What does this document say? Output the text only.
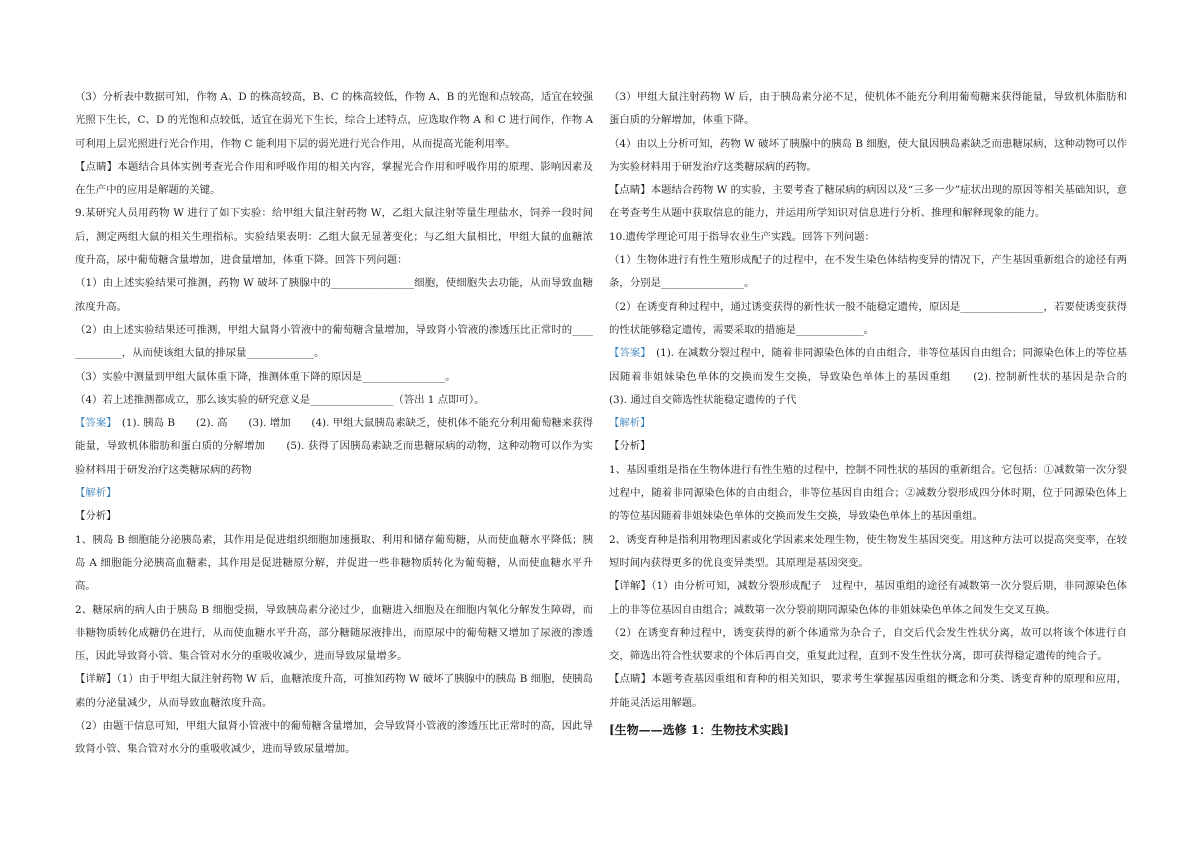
（3）分析表中数据可知，作物 A、D 的株高较高，B、C 的株高较低，作物 A、B 的光饱和点较高，适宜在较强光照下生长，C、D 的光饱和点较低，适宜在弱光下生长，综合上述特点，应选取作物 A 和 C 进行间作，作物 A 可利用上层光照进行光合作用，作物 C 能利用下层的弱光进行光合作用，从而提高光能利用率。

【点睛】本题结合具体实例考查光合作用和呼吸作用的相关内容，掌握光合作用和呼吸作用的原理、影响因素及在生产中的应用是解题的关键。

9.某研究人员用药物 W 进行了如下实验：给甲组大鼠注射药物 W，乙组大鼠注射等量生理盐水，饲养一段时间后，测定两组大鼠的相关生理指标。实验结果表明：乙组大鼠无显著变化；与乙组大鼠相比，甲组大鼠的血糖浓度升高，尿中葡萄糖含量增加，进食量增加，体重下降。回答下列问题：

（1）由上述实验结果可推测，药物 W 破坏了胰腺中的________________细胞，使细胞失去功能，从而导致血糖浓度升高。

（2）由上述实验结果还可推测，甲组大鼠肾小管液中的葡萄糖含量增加，导致肾小管液的渗透压比正常时的_____________，从而使该组大鼠的排尿量_____________。

（3）实验中测量到甲组大鼠体重下降，推测体重下降的原因是________________。

（4）若上述推测都成立，那么该实验的研究意义是________________（答出 1 点即可）。

【答案】　(1). 胰岛 B　　(2). 高　　(3). 增加　　(4). 甲组大鼠胰岛素缺乏，使机体不能充分利用葡萄糖来获得能量，导致机体脂肪和蛋白质的分解增加　　(5). 获得了因胰岛素缺乏而患糖尿病的动物，这种动物可以作为实验材料用于研发治疗这类糖尿病的药物

【解析】

【分析】

1、胰岛 B 细胞能分泌胰岛素，其作用是促进组织细胞加速摄取、利用和储存葡萄糖，从而使血糖水平降低；胰岛 A 细胞能分泌胰高血糖素，其作用是促进糖原分解，并促进一些非糖物质转化为葡萄糖，从而使血糖水平升高。

2、糖尿病的病人由于胰岛 B 细胞受损，导致胰岛素分泌过少，血糖进入细胞及在细胞内氧化分解发生障碍，而非糖物质转化成糖仍在进行，从而使血糖水平升高，部分糖随尿液排出，而原尿中的葡萄糖又增加了尿液的渗透压，因此导致肾小管、集合管对水分的重吸收减少，进而导致尿量增多。

【详解】（1）由于甲组大鼠注射药物 W 后，血糖浓度升高，可推知药物 W 破坏了胰腺中的胰岛 B 细胞，使胰岛素的分泌量减少，从而导致血糖浓度升高。

（2）由题干信息可知，甲组大鼠肾小管液中的葡萄糖含量增加，会导致肾小管液的渗透压比正常时的高，因此导致肾小管、集合管对水分的重吸收减少，进而导致尿量增加。

（3）甲组大鼠注射药物 W 后，由于胰岛素分泌不足，使机体不能充分利用葡萄糖来获得能量，导致机体脂肪和蛋白质的分解增加，体重下降。

（4）由以上分析可知，药物 W 破坏了胰腺中的胰岛 B 细胞，使大鼠因胰岛素缺乏而患糖尿病，这种动物可以作为实验材料用于研发治疗这类糖尿病的药物。

【点睛】本题结合药物 W 的实验，主要考查了糖尿病的病因以及“三多一少”症状出现的原因等相关基础知识，意在考查考生从题中获取信息的能力，并运用所学知识对信息进行分析、推理和解释现象的能力。

10.遗传学理论可用于指导农业生产实践。回答下列问题：

（1）生物体进行有性生殖形成配子的过程中，在不发生染色体结构变异的情况下，产生基因重新组合的途径有两条，分别是________________。

（2）在诱变育种过程中，通过诱变获得的新性状一般不能稳定遗传，原因是________________，若要使诱变获得的性状能够稳定遗传，需要采取的措施是_____________。

【答案】　(1). 在减数分裂过程中，随着非同源染色体的自由组合，非等位基因自由组合；同源染色体上的等位基因随着非姐妹染色单体的交换而发生交换，导致染色单体上的基因重组　　(2). 控制新性状的基因是杂合的　　(3). 通过自交筛选性状能稳定遗传的子代

【解析】

【分析】

1、基因重组是指在生物体进行有性生殖的过程中，控制不同性状的基因的重新组合。它包括：①减数第一次分裂过程中，随着非同源染色体的自由组合，非等位基因自由组合；②减数分裂形成四分体时期，位于同源染色体上的等位基因随着非姐妹染色单体的交换而发生交换，导致染色单体上的基因重组。

2、诱变育种是指利用物理因素或化学因素来处理生物，使生物发生基因突变。用这种方法可以提高突变率，在较短时间内获得更多的优良变异类型。其原理是基因突变。

【详解】（1）由分析可知，减数分裂形成配子　过程中，基因重组的途径有减数第一次分裂后期，非同源染色体上的非等位基因自由组合；减数第一次分裂前期同源染色体的非姐妹染色单体之间发生交叉互换。

（2）在诱变育种过程中，诱变获得的新个体通常为杂合子，自交后代会发生性状分离，故可以将该个体进行自交，筛选出符合性状要求的个体后再自交，重复此过程，直到不发生性状分离，即可获得稳定遗传的纯合子。

【点睛】本题考查基因重组和育种的相关知识，要求考生掌握基因重组的概念和分类、诱变育种的原理和应用，并能灵活运用解题。

[生物——选修 1：生物技术实践]
